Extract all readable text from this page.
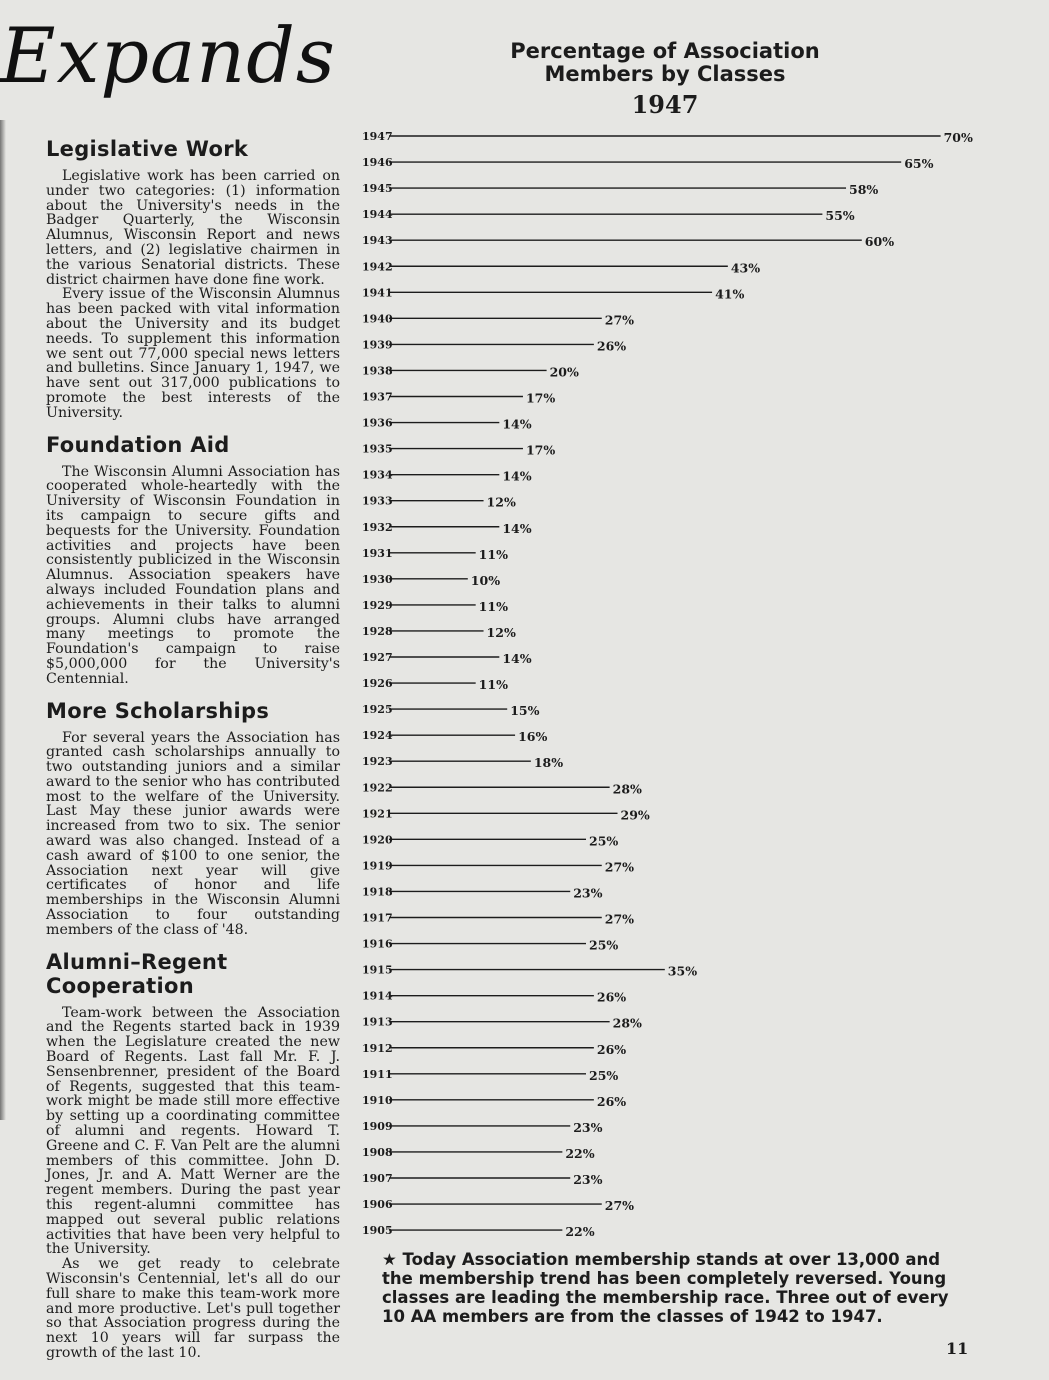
Expands
Legislative Work

Legislative work has been carried on under two categories: (1) information about the University's needs in the Badger Quarterly, the Wisconsin Alumnus, Wisconsin Report and news letters, and (2) legislative chairmen in the various Senatorial districts. These district chairmen have done fine work.

Every issue of the Wisconsin Alumnus has been packed with vital information about the University and its budget needs. To supplement this information we sent out 77,000 special news letters and bulletins. Since January 1, 1947, we have sent out 317,000 publications to promote the best interests of the University.

Foundation Aid

The Wisconsin Alumni Association has cooperated whole-heartedly with the University of Wisconsin Foundation in its campaign to secure gifts and bequests for the University. Foundation activities and projects have been consistently publicized in the Wisconsin Alumnus. Association speakers have always included Foundation plans and achievements in their talks to alumni groups. Alumni clubs have arranged many meetings to promote the Foundation's campaign to raise $5,000,000 for the University's Centennial.

More Scholarships

For several years the Association has granted cash scholarships annually to two outstanding juniors and a similar award to the senior who has contributed most to the welfare of the University. Last May these junior awards were increased from two to six. The senior award was also changed. Instead of a cash award of $100 to one senior, the Association next year will give certificates of honor and life memberships in the Wisconsin Alumni Association to four outstanding members of the class of '48.

Alumni–Regent Cooperation

Team-work between the Association and the Regents started back in 1939 when the Legislature created the new Board of Regents. Last fall Mr. F. J. Sensenbrenner, president of the Board of Regents, suggested that this team-work might be made still more effective by setting up a coordinating committee of alumni and regents. Howard T. Greene and C. F. Van Pelt are the alumni members of this committee. John D. Jones, Jr. and A. Matt Werner are the regent members. During the past year this regent-alumni committee has mapped out several public relations activities that have been very helpful to the University.

As we get ready to celebrate Wisconsin's Centennial, let's all do our full share to make this team-work more and more productive. Let's pull together so that Association progress during the next 10 years will far surpass the growth of the last 10.

Percentage of Association Members by Classes
1947
1947	70%
1946	65%
1945	58%
1944	55%
1943	60%
1942	43%
1941	41%
1940	27%
1939	26%
1938	20%
1937	17%
1936	14%
1935	17%
1934	14%
1933	12%
1932	14%
1931	11%
1930	10%
1929	11%
1928	12%
1927	14%
1926	11%
1925	15%
1924	16%
1923	18%
1922	28%
1921	29%
1920	25%
1919	27%
1918	23%
1917	27%
1916	25%
1915	35%
1914	26%
1913	28%
1912	26%
1911	25%
1910	26%
1909	23%
1908	22%
1907	23%
1906	27%
1905	22%
★ Today Association membership stands at over 13,000 and the membership trend has been completely reversed. Young classes are leading the membership race. Three out of every 10 AA members are from the classes of 1942 to 1947.
11
